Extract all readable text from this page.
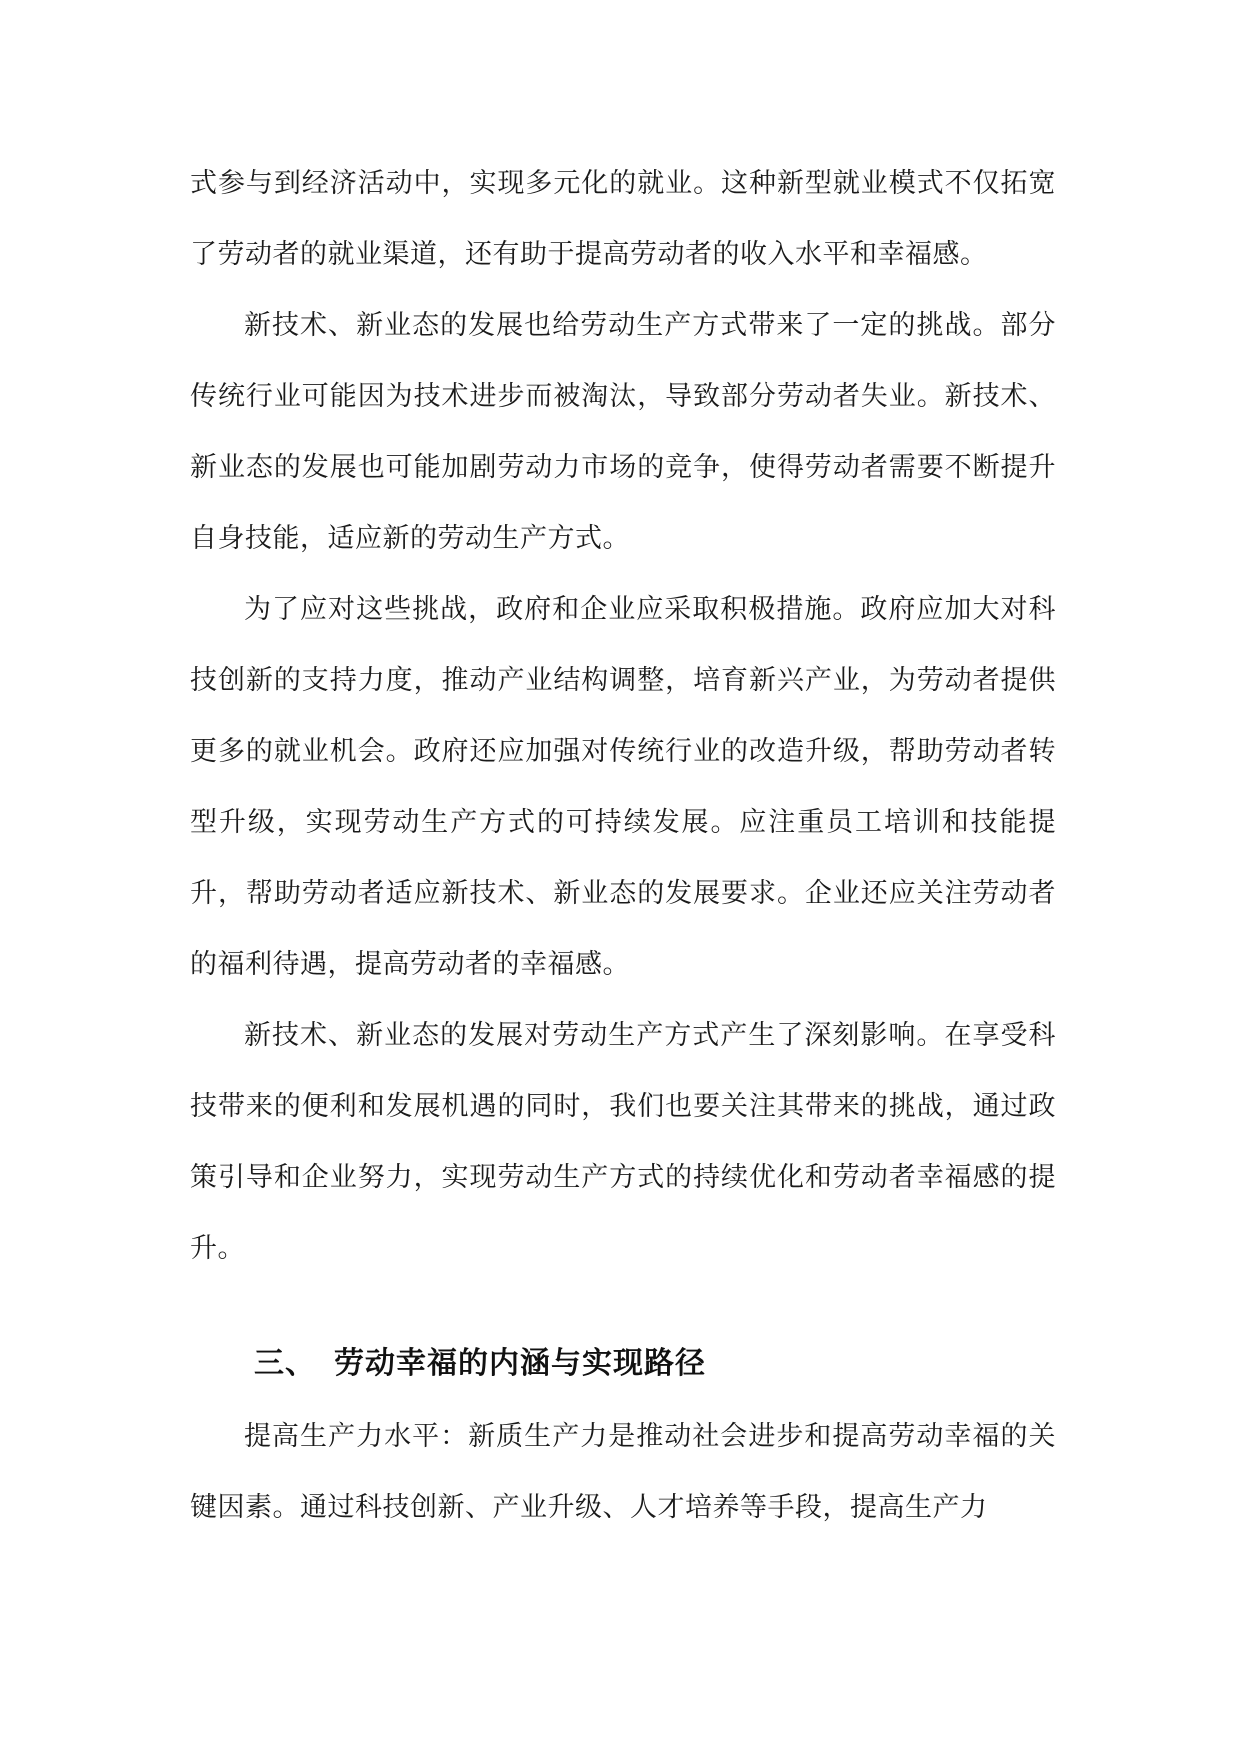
式参与到经济活动中，实现多元化的就业。这种新型就业模式不仅拓宽了劳动者的就业渠道，还有助于提高劳动者的收入水平和幸福感。

新技术、新业态的发展也给劳动生产方式带来了一定的挑战。部分传统行业可能因为技术进步而被淘汰，导致部分劳动者失业。新技术、新业态的发展也可能加剧劳动力市场的竞争，使得劳动者需要不断提升自身技能，适应新的劳动生产方式。

为了应对这些挑战，政府和企业应采取积极措施。政府应加大对科技创新的支持力度，推动产业结构调整，培育新兴产业，为劳动者提供更多的就业机会。政府还应加强对传统行业的改造升级，帮助劳动者转型升级，实现劳动生产方式的可持续发展。应注重员工培训和技能提升，帮助劳动者适应新技术、新业态的发展要求。企业还应关注劳动者的福利待遇，提高劳动者的幸福感。

新技术、新业态的发展对劳动生产方式产生了深刻影响。在享受科技带来的便利和发展机遇的同时，我们也要关注其带来的挑战，通过政策引导和企业努力，实现劳动生产方式的持续优化和劳动者幸福感的提升。

三、 劳动幸福的内涵与实现路径

提高生产力水平：新质生产力是推动社会进步和提高劳动幸福的关键因素。通过科技创新、产业升级、人才培养等手段，提高生产力
